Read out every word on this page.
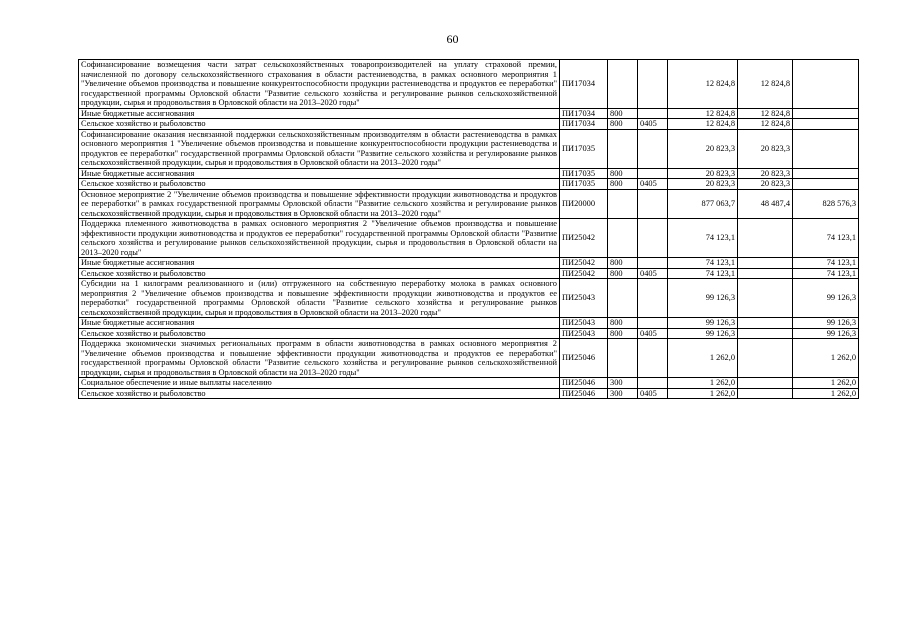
60
Софинансирование возмещения части затрат сельскохозяйственных товаропроизводителей на уплату страховой премии, начисленной по договору сельскохозяйственного страхования в области растениеводства, в рамках основного мероприятия 1 "Увеличение объемов производства и повышение конкурентоспособности продукции растениеводства и продуктов ее переработки" государственной программы Орловской области "Развитие сельского хозяйства и регулирование рынков сельскохозяйственной продукции, сырья и продовольствия в Орловской области на 2013–2020 годы"	ПИ17034			12 824,8	12 824,8	
Иные бюджетные ассигнования	ПИ17034	800		12 824,8	12 824,8	
Сельское хозяйство и рыболовство	ПИ17034	800	0405	12 824,8	12 824,8	
Софинансирование оказания несвязанной поддержки сельскохозяйственным производителям в области растениеводства в рамках основного мероприятия 1 "Увеличение объемов производства и повышение конкурентоспособности продукции растениеводства и продуктов ее переработки" государственной программы Орловской области "Развитие сельского хозяйства и регулирование рынков сельскохозяйственной продукции, сырья и продовольствия в Орловской области на 2013–2020 годы"	ПИ17035			20 823,3	20 823,3	
Иные бюджетные ассигнования	ПИ17035	800		20 823,3	20 823,3	
Сельское хозяйство и рыболовство	ПИ17035	800	0405	20 823,3	20 823,3	
Основное мероприятие 2 "Увеличение объемов производства и повышение эффективности продукции животноводства и продуктов ее переработки" в рамках государственной программы Орловской области "Развитие сельского хозяйства и регулирование рынков сельскохозяйственной продукции, сырья и продовольствия в Орловской области на 2013–2020 годы"	ПИ20000			877 063,7	48 487,4	828 576,3
Поддержка племенного животноводства в рамках основного мероприятия 2 "Увеличение объемов производства и повышение эффективности продукции животноводства и продуктов ее переработки" государственной программы Орловской области "Развитие сельского хозяйства и регулирование рынков сельскохозяйственной продукции, сырья и продовольствия в Орловской области на 2013–2020 годы"	ПИ25042			74 123,1		74 123,1
Иные бюджетные ассигнования	ПИ25042	800		74 123,1		74 123,1
Сельское хозяйство и рыболовство	ПИ25042	800	0405	74 123,1		74 123,1
Субсидии на 1 килограмм реализованного и (или) отгруженного на собственную переработку молока в рамках основного мероприятия 2 "Увеличение объемов производства и повышение эффективности продукции животноводства и продуктов ее переработки" государственной программы Орловской области "Развитие сельского хозяйства и регулирование рынков сельскохозяйственной продукции, сырья и продовольствия в Орловской области на 2013–2020 годы"	ПИ25043			99 126,3		99 126,3
Иные бюджетные ассигнования	ПИ25043	800		99 126,3		99 126,3
Сельское хозяйство и рыболовство	ПИ25043	800	0405	99 126,3		99 126,3
Поддержка экономически значимых региональных программ в области животноводства в рамках основного мероприятия 2 "Увеличение объемов производства и повышение эффективности продукции животноводства и продуктов ее переработки" государственной программы Орловской области "Развитие сельского хозяйства и регулирование рынков сельскохозяйственной продукции, сырья и продовольствия в Орловской области на 2013–2020 годы"	ПИ25046			1 262,0		1 262,0
Социальное обеспечение и иные выплаты населению	ПИ25046	300		1 262,0		1 262,0
Сельское хозяйство и рыболовство	ПИ25046	300	0405	1 262,0		1 262,0
